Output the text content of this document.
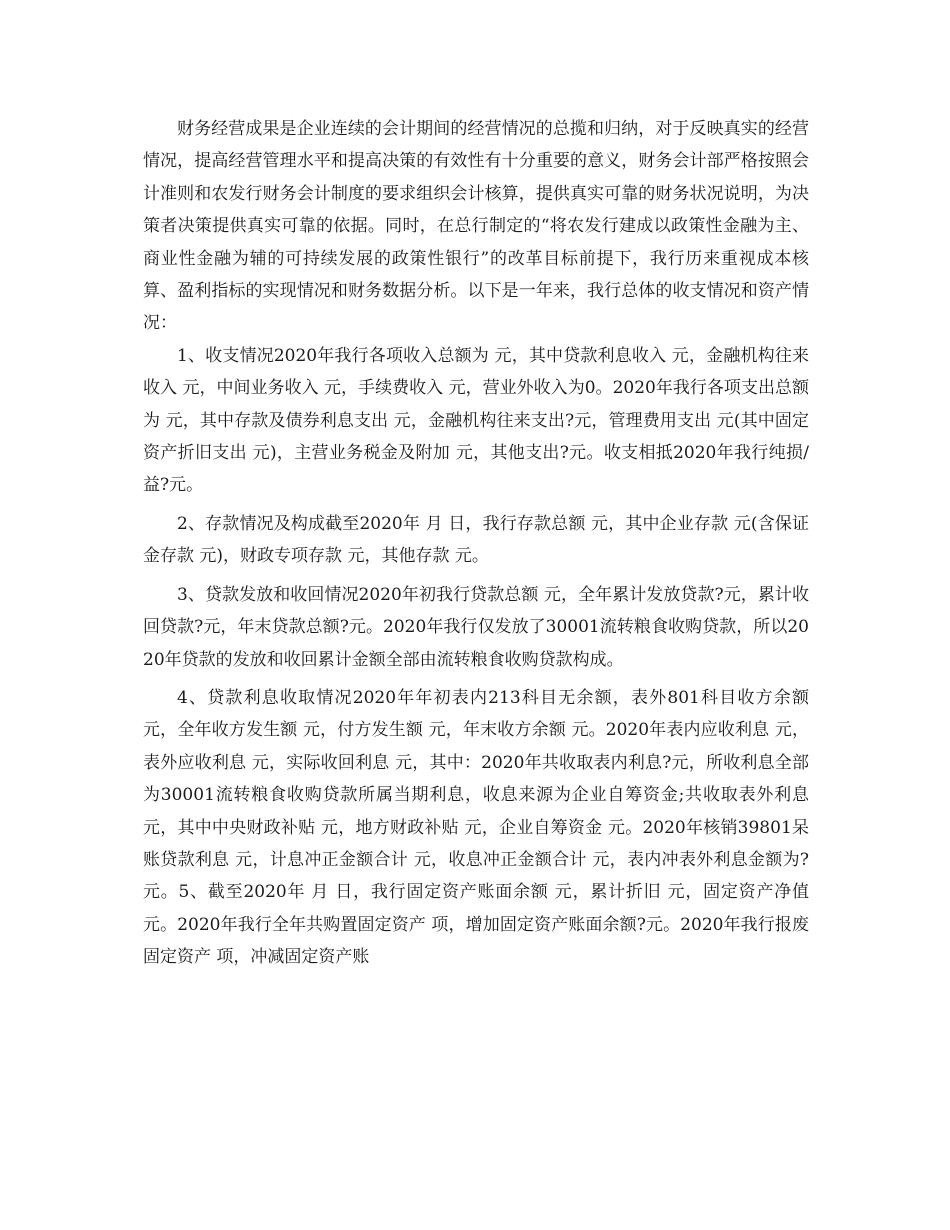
财务经营成果是企业连续的会计期间的经营情况的总揽和归纳，对于反映真实的经营情况，提高经营管理水平和提高决策的有效性有十分重要的意义，财务会计部严格按照会计准则和农发行财务会计制度的要求组织会计核算，提供真实可靠的财务状况说明，为决策者决策提供真实可靠的依据。同时，在总行制定的“将农发行建成以政策性金融为主、商业性金融为辅的可持续发展的政策性银行”的改革目标前提下，我行历来重视成本核算、盈利指标的实现情况和财务数据分析。以下是一年来，我行总体的收支情况和资产情况：

1、收支情况2020年我行各项收入总额为 元，其中贷款利息收入 元，金融机构往来收入 元，中间业务收入 元，手续费收入 元，营业外收入为0。2020年我行各项支出总额为 元，其中存款及债券利息支出 元，金融机构往来支出?元，管理费用支出 元(其中固定资产折旧支出 元)，主营业务税金及附加 元，其他支出?元。收支相抵2020年我行纯损/益?元。

2、存款情况及构成截至2020年 月 日，我行存款总额 元，其中企业存款 元(含保证金存款 元)，财政专项存款 元，其他存款 元。

3、贷款发放和收回情况2020年初我行贷款总额 元，全年累计发放贷款?元，累计收回贷款?元，年末贷款总额?元。2020年我行仅发放了30001流转粮食收购贷款，所以2020年贷款的发放和收回累计金额全部由流转粮食收购贷款构成。

4、贷款利息收取情况2020年年初表内213科目无余额，表外801科目收方余额 元，全年收方发生额 元，付方发生额 元，年末收方余额 元。2020年表内应收利息 元，表外应收利息 元，实际收回利息 元，其中：2020年共收取表内利息?元，所收利息全部为30001流转粮食收购贷款所属当期利息，收息来源为企业自筹资金;共收取表外利息 元，其中中央财政补贴 元，地方财政补贴 元，企业自筹资金 元。2020年核销39801呆账贷款利息 元，计息冲正金额合计 元，收息冲正金额合计 元，表内冲表外利息金额为?元。5、截至2020年 月 日，我行固定资产账面余额 元，累计折旧 元，固定资产净值 元。2020年我行全年共购置固定资产 项，增加固定资产账面余额?元。2020年我行报废固定资产 项，冲减固定资产账
